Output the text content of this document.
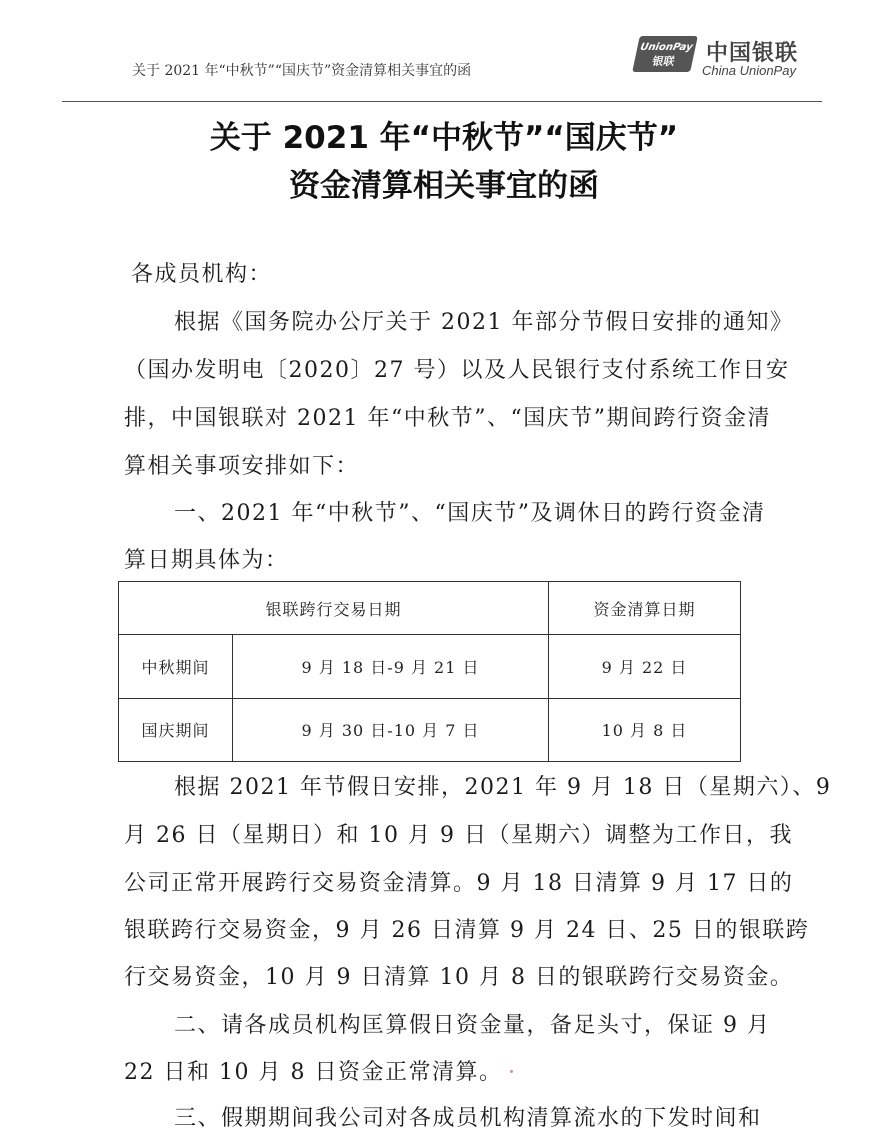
关于 2021 年“中秋节”“国庆节”资金清算相关事宜的函
UnionPay
银联	中国银联
China UnionPay
关于 2021 年“中秋节”“国庆节”
资金清算相关事宜的函
各成员机构：
根据《国务院办公厅关于 2021 年部分节假日安排的通知》
（国办发明电〔2020〕27 号）以及人民银行支付系统工作日安
排，中国银联对 2021 年“中秋节”、“国庆节”期间跨行资金清
算相关事项安排如下：
一、2021 年“中秋节”、“国庆节”及调休日的跨行资金清
算日期具体为：
银联跨行交易日期		资金清算日期
中秋期间	9 月 18 日-9 月 21 日	9 月 22 日
国庆期间	9 月 30 日-10 月 7 日	10 月 8 日
根据 2021 年节假日安排，2021 年 9 月 18 日（星期六）、9
月 26 日（星期日）和 10 月 9 日（星期六）调整为工作日，我
公司正常开展跨行交易资金清算。9 月 18 日清算 9 月 17 日的
银联跨行交易资金，9 月 26 日清算 9 月 24 日、25 日的银联跨
行交易资金，10 月 9 日清算 10 月 8 日的银联跨行交易资金。
二、请各成员机构匡算假日资金量，备足头寸，保证 9 月
22 日和 10 月 8 日资金正常清算。
三、假期期间我公司对各成员机构清算流水的下发时间和
